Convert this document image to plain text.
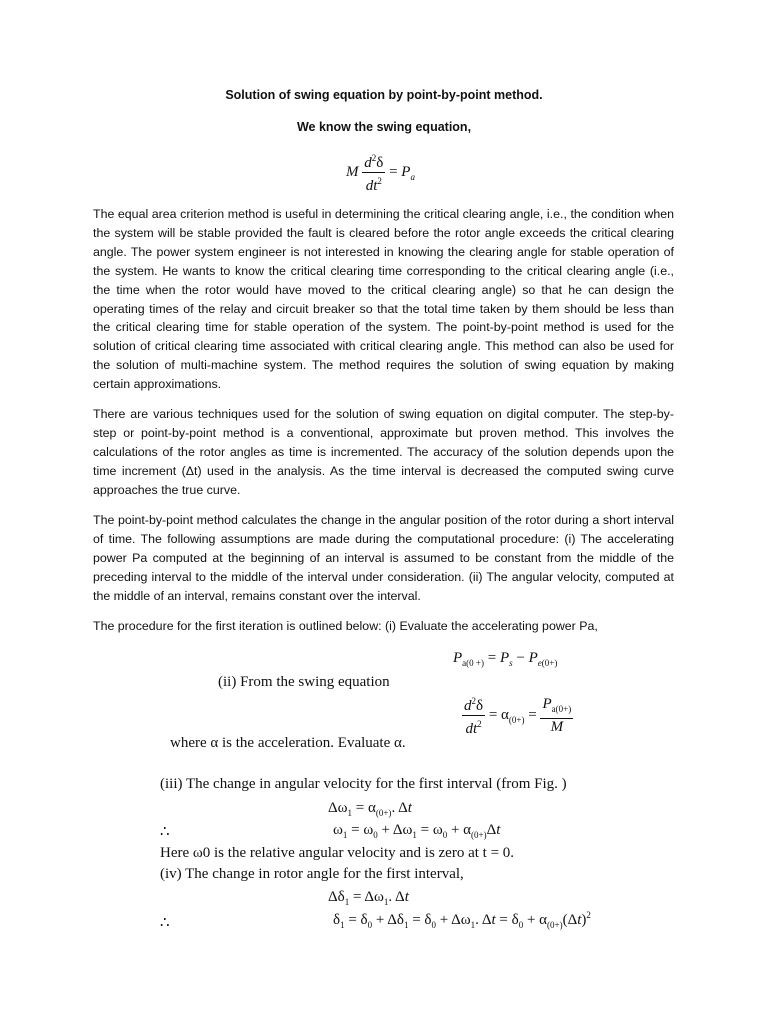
Solution of swing equation by point-by-point method.
We know the swing equation,
M $\frac{d^2\delta}{dt^2} = P_a$
The equal area criterion method is useful in determining the critical clearing angle, i.e., the condition when the system will be stable provided the fault is cleared before the rotor angle exceeds the critical clearing angle. The power system engineer is not interested in knowing the clearing angle for stable operation of the system. He wants to know the critical clearing time corresponding to the critical clearing angle (i.e., the time when the rotor would have moved to the critical clearing angle) so that he can design the operating times of the relay and circuit breaker so that the total time taken by them should be less than the critical clearing time for stable operation of the system. The point-by-point method is used for the solution of critical clearing time associated with critical clearing angle. This method can also be used for the solution of multi-machine system. The method requires the solution of swing equation by making certain approximations.
There are various techniques used for the solution of swing equation on digital computer. The step-by-step or point-by-point method is a conventional, approximate but proven method. This involves the calculations of the rotor angles as time is incremented. The accuracy of the solution depends upon the time increment (Δt) used in the analysis. As the time interval is decreased the computed swing curve approaches the true curve.
The point-by-point method calculates the change in the angular position of the rotor during a short interval of time. The following assumptions are made during the computational procedure: (i) The accelerating power Pa computed at the beginning of an interval is assumed to be constant from the middle of the preceding interval to the middle of the interval under consideration. (ii) The angular velocity, computed at the middle of an interval, remains constant over the interval.
The procedure for the first iteration is outlined below: (i) Evaluate the accelerating power Pa,
$P_{a(0 +)} = P_s - P_{e(0+)}$
(ii) From the swing equation
$\frac{d^2\delta}{dt^2} = \alpha_{(0+)} = \frac{P_{a(0+)}}{M}$
where α is the acceleration. Evaluate α.
(iii) The change in angular velocity for the first interval (from Fig. )
$\Delta\omega_1 = \alpha_{(0+)}$. Δt
∴	$\omega_1 = \omega_0 + \Delta\omega_1 = \omega_0 + \alpha_{(0+)}\Delta t$
Here ω0 is the relative angular velocity and is zero at t = 0.
(iv) The change in rotor angle for the first interval,
$\Delta\delta_1 = \Delta\omega_1$. Δt
∴	$\delta_1 = \delta_0 + \Delta\delta_1 = \delta_0 + \Delta\omega_1$. $\Delta t = \delta_0 + \alpha_{(0+)}(\Delta t)^2$
